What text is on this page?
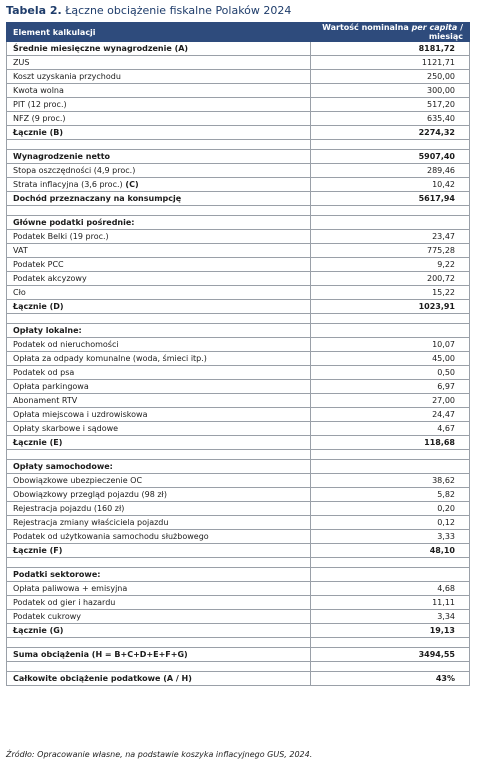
Tabela 2. Łączne obciążenie fiskalne Polaków 2024
Element kalkulacji	Wartość nominalna per capita / miesiąc
Średnie miesięczne wynagrodzenie (A)	8181,72
ZUS	1121,71
Koszt uzyskania przychodu	250,00
Kwota wolna	300,00
PIT (12 proc.)	517,20
NFZ (9 proc.)	635,40
Łącznie (B)	2274,32

Wynagrodzenie netto	5907,40
Stopa oszczędności (4,9 proc.)	289,46
Strata inflacyjna (3,6 proc.) (C)	10,42
Dochód przeznaczany na konsumpcję	5617,94

Główne podatki pośrednie:	
Podatek Belki (19 proc.)	23,47
VAT	775,28
Podatek PCC	9,22
Podatek akcyzowy	200,72
Cło	15,22
Łącznie (D)	1023,91

Opłaty lokalne:	
Podatek od nieruchomości	10,07
Opłata za odpady komunalne (woda, śmieci itp.)	45,00
Podatek od psa	0,50
Opłata parkingowa	6,97
Abonament RTV	27,00
Opłata miejscowa i uzdrowiskowa	24,47
Opłaty skarbowe i sądowe	4,67
Łącznie (E)	118,68

Opłaty samochodowe:	
Obowiązkowe ubezpieczenie OC	38,62
Obowiązkowy przegląd pojazdu (98 zł)	5,82
Rejestracja pojazdu (160 zł)	0,20
Rejestracja zmiany właściciela pojazdu	0,12
Podatek od użytkowania samochodu służbowego	3,33
Łącznie (F)	48,10

Podatki sektorowe:	
Opłata paliwowa + emisyjna	4,68
Podatek od gier i hazardu	11,11
Podatek cukrowy	3,34
Łącznie (G)	19,13

Suma obciążenia (H = B+C+D+E+F+G)	3494,55

Całkowite obciążenie podatkowe (A / H)	43%
Źródło: Opracowanie własne, na podstawie koszyka inflacyjnego GUS, 2024.
